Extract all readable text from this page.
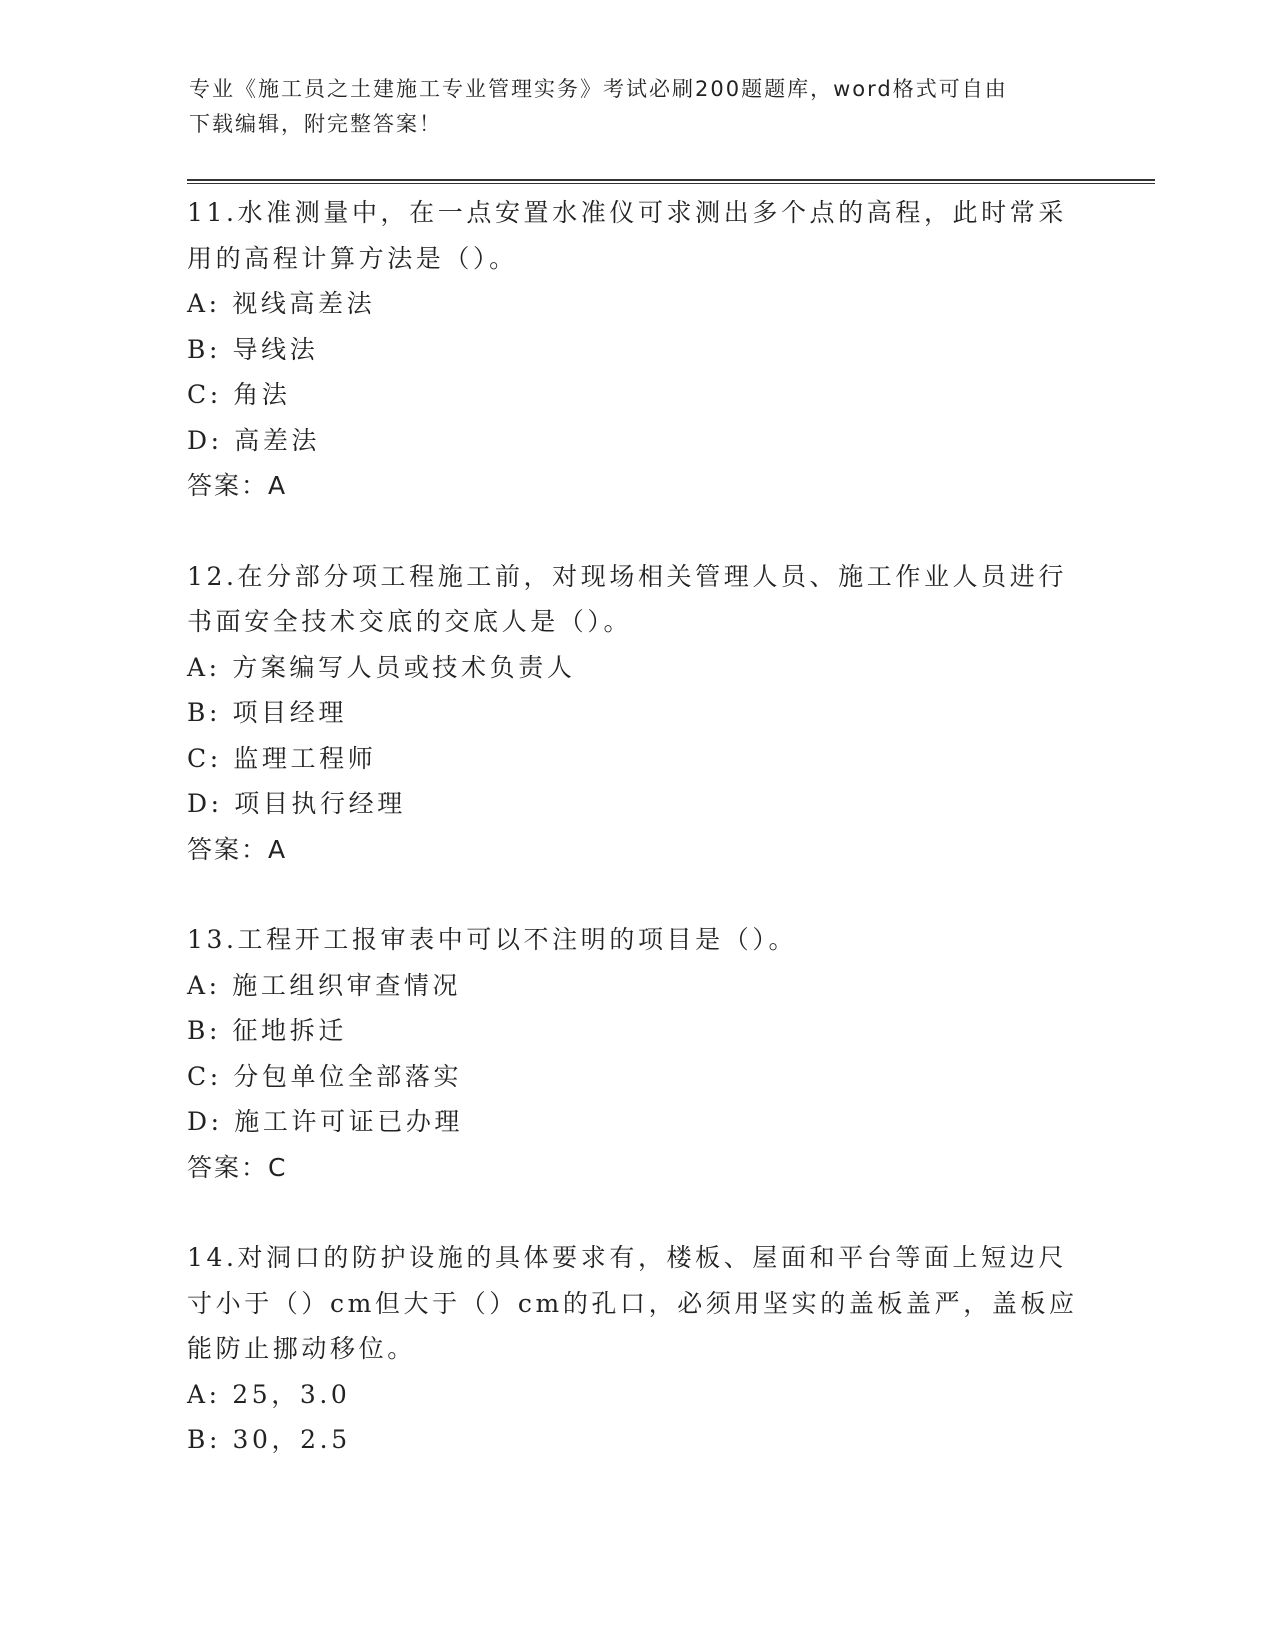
专业《施工员之土建施工专业管理实务》考试必刷200题题库，word格式可自由
下载编辑，附完整答案！
11.水准测量中，在一点安置水准仪可求测出多个点的高程，此时常采
用的高程计算方法是（）。
A: 视线高差法
B: 导线法
C: 角法
D: 高差法
答案：A
12.在分部分项工程施工前，对现场相关管理人员、施工作业人员进行
书面安全技术交底的交底人是（）。
A: 方案编写人员或技术负责人
B: 项目经理
C: 监理工程师
D: 项目执行经理
答案：A
13.工程开工报审表中可以不注明的项目是（）。
A: 施工组织审查情况
B: 征地拆迁
C: 分包单位全部落实
D: 施工许可证已办理
答案：C
14.对洞口的防护设施的具体要求有，楼板、屋面和平台等面上短边尺
寸小于（）cm但大于（）cm的孔口，必须用坚实的盖板盖严，盖板应
能防止挪动移位。
A: 25，3.0
B: 30，2.5
